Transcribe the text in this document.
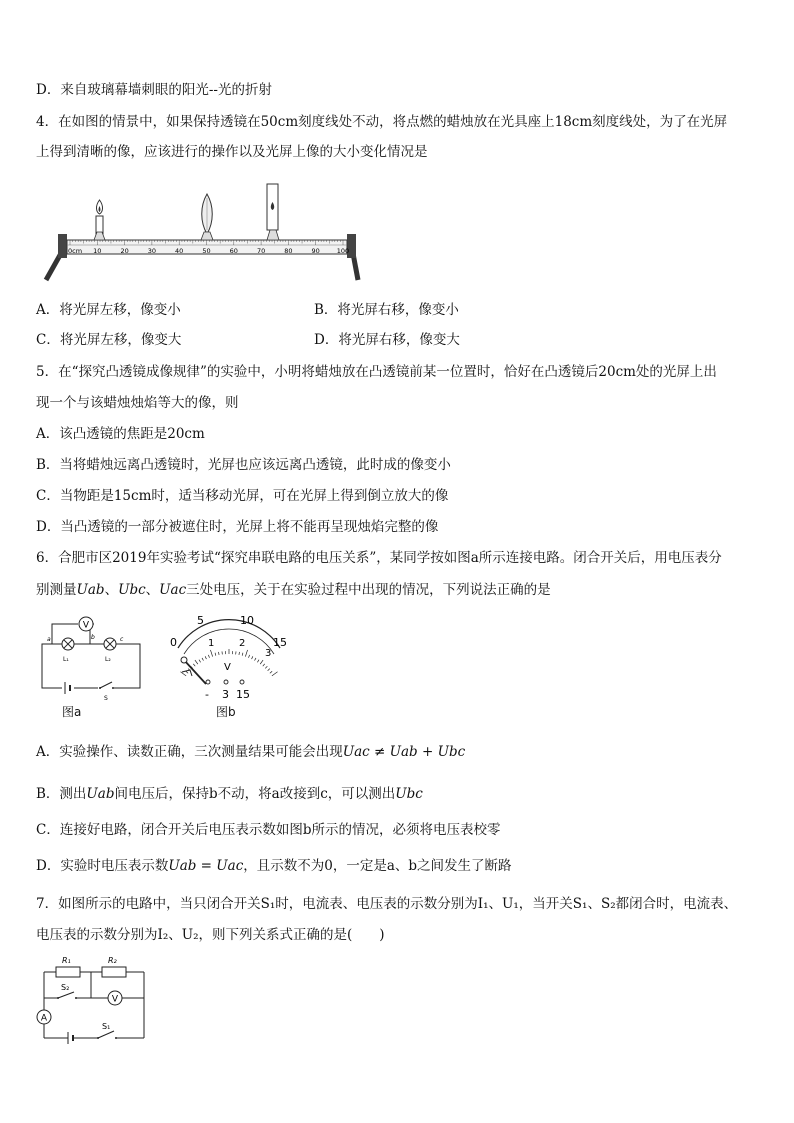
D．来自玻璃幕墙刺眼的阳光--光的折射
4．在如图的情景中，如果保持透镜在50cm刻度线处不动，将点燃的蜡烛放在光具座上18cm刻度线处，为了在光屏
上得到清晰的像，应该进行的操作以及光屏上像的大小变化情况是
0cm 10	20	30	40	50	60	70	80	90	100
A．将光屏左移，像变小	B．将光屏右移，像变小
C．将光屏左移，像变大	D．将光屏右移，像变大
5．在“探究凸透镜成像规律”的实验中，小明将蜡烛放在凸透镜前某一位置时，恰好在凸透镜后20cm处的光屏上出
现一个与该蜡烛烛焰等大的像，则
A．该凸透镜的焦距是20cm
B．当将蜡烛远离凸透镜时，光屏也应该远离凸透镜，此时成的像变小
C．当物距是15cm时，适当移动光屏，可在光屏上得到倒立放大的像
D．当凸透镜的一部分被遮住时，光屏上将不能再呈现烛焰完整的像
6．合肥市区2019年实验考试“探究串联电路的电压关系”，某同学按如图a所示连接电路。闭合开关后，用电压表分
别测量Uab、Ubc、Uac三处电压，关于在实验过程中出现的情况，下列说法正确的是
V
a	b	c
L₁	L₂
S
图a
0
5	10
15
1 2
3
V
- 3 15
图b
A．实验操作、读数正确，三次测量结果可能会出现Uac ≠ Uab + Ubc
B．测出Uab间电压后，保持b不动，将a改接到c，可以测出Ubc
C．连接好电路，闭合开关后电压表示数如图b所示的情况，必须将电压表校零
D．实验时电压表示数Uab = Uac，且示数不为0，一定是a、b之间发生了断路
7．如图所示的电路中，当只闭合开关S₁时，电流表、电压表的示数分别为I₁、U₁，当开关S₁、S₂都闭合时，电流表、
电压表的示数分别为I₂、U₂，则下列关系式正确的是(　　)
R₁	R₂
A
S₂
V
S₁
